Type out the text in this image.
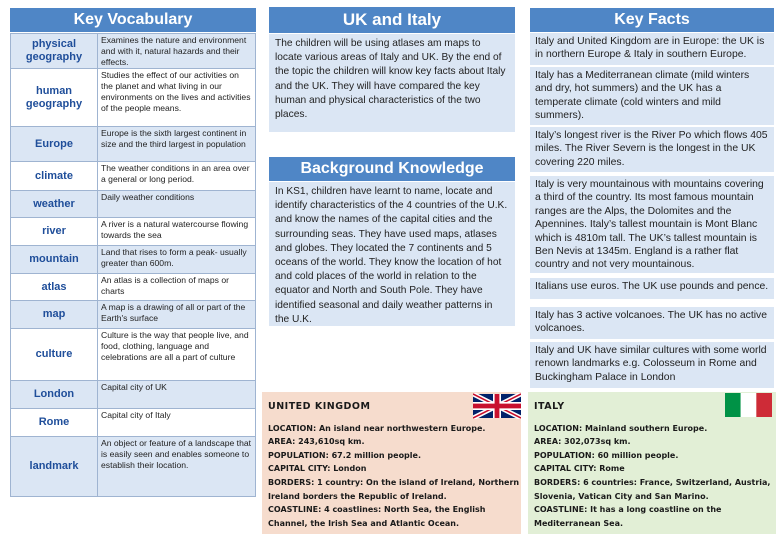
Key Vocabulary
physical geography	Examines the nature and environment and with it, natural hazards and their effects.
human geography	Studies the effect of our activities on the planet and what living in our environments on the lives and activities of the people means.
Europe	Europe is the sixth largest continent in size and the third largest in population
climate	The weather conditions in an area over a general or long period.
weather	Daily weather conditions
river	A river is a natural watercourse flowing towards the sea
mountain	Land that rises to form a peak- usually greater than 600m.
atlas	An atlas is a collection of maps or charts
map	A map is a drawing of all or part of the Earth's surface
culture	Culture is the way that people live, and food, clothing, language and celebrations are all a part of culture
London	Capital city of UK
Rome	Capital city of Italy
landmark	An object or feature of a landscape that is easily seen and enables someone to establish their location.
UK and Italy
The children will be using atlases am maps to locate various areas of Italy and UK. By the end of the topic the children will know key facts about Italy and the UK. They will have compared the key human and physical characteristics of the two places.
Background Knowledge
In KS1, children have learnt to name, locate and identify characteristics of the 4 countries of the U.K. and know the names of the capital cities and the surrounding seas. They have used maps, atlases and globes. They located the 7 continents and 5 oceans of the world. They know the location of hot and cold places of the world in relation to the equator and North and South Pole. They have identified seasonal and daily weather patterns in the U.K.
Key Facts
Italy and United Kingdom are in Europe: the UK is in northern Europe & Italy in southern Europe.
Italy has a Mediterranean climate (mild winters and dry, hot summers) and the UK has a temperate climate (cold winters and mild summers).
Italy’s longest river is the River Po which flows 405 miles. The River Severn is the longest in the UK covering 220 miles.
Italy is very mountainous with mountains covering a third of the country. Its most famous mountain ranges are the Alps, the Dolomites and the Apennines. Italy’s tallest mountain is Mont Blanc which is 4810m tall. The UK’s tallest mountain is Ben Nevis at 1345m. England is a rather flat country and not very mountainous.
Italians use euros. The UK use pounds and pence.
Italy has 3 active volcanoes. The UK has no active volcanoes.
Italy and UK have similar cultures with some world renown landmarks e.g. Colosseum in Rome and Buckingham Palace in London
UNITED KINGDOM
LOCATION: An island near northwestern Europe.
AREA: 243,610sq km.
POPULATION: 67.2 million people.
CAPITAL CITY: London
BORDERS: 1 country: On the island of Ireland, Northern Ireland borders the Republic of Ireland.
COASTLINE: 4 coastlines: North Sea, the English Channel, the Irish Sea and Atlantic Ocean.
ITALY
LOCATION: Mainland southern Europe.
AREA: 302,073sq km.
POPULATION: 60 million people.
CAPITAL CITY: Rome
BORDERS: 6 countries: France, Switzerland, Austria, Slovenia, Vatican City and San Marino.
COASTLINE: It has a long coastline on the Mediterranean Sea.
